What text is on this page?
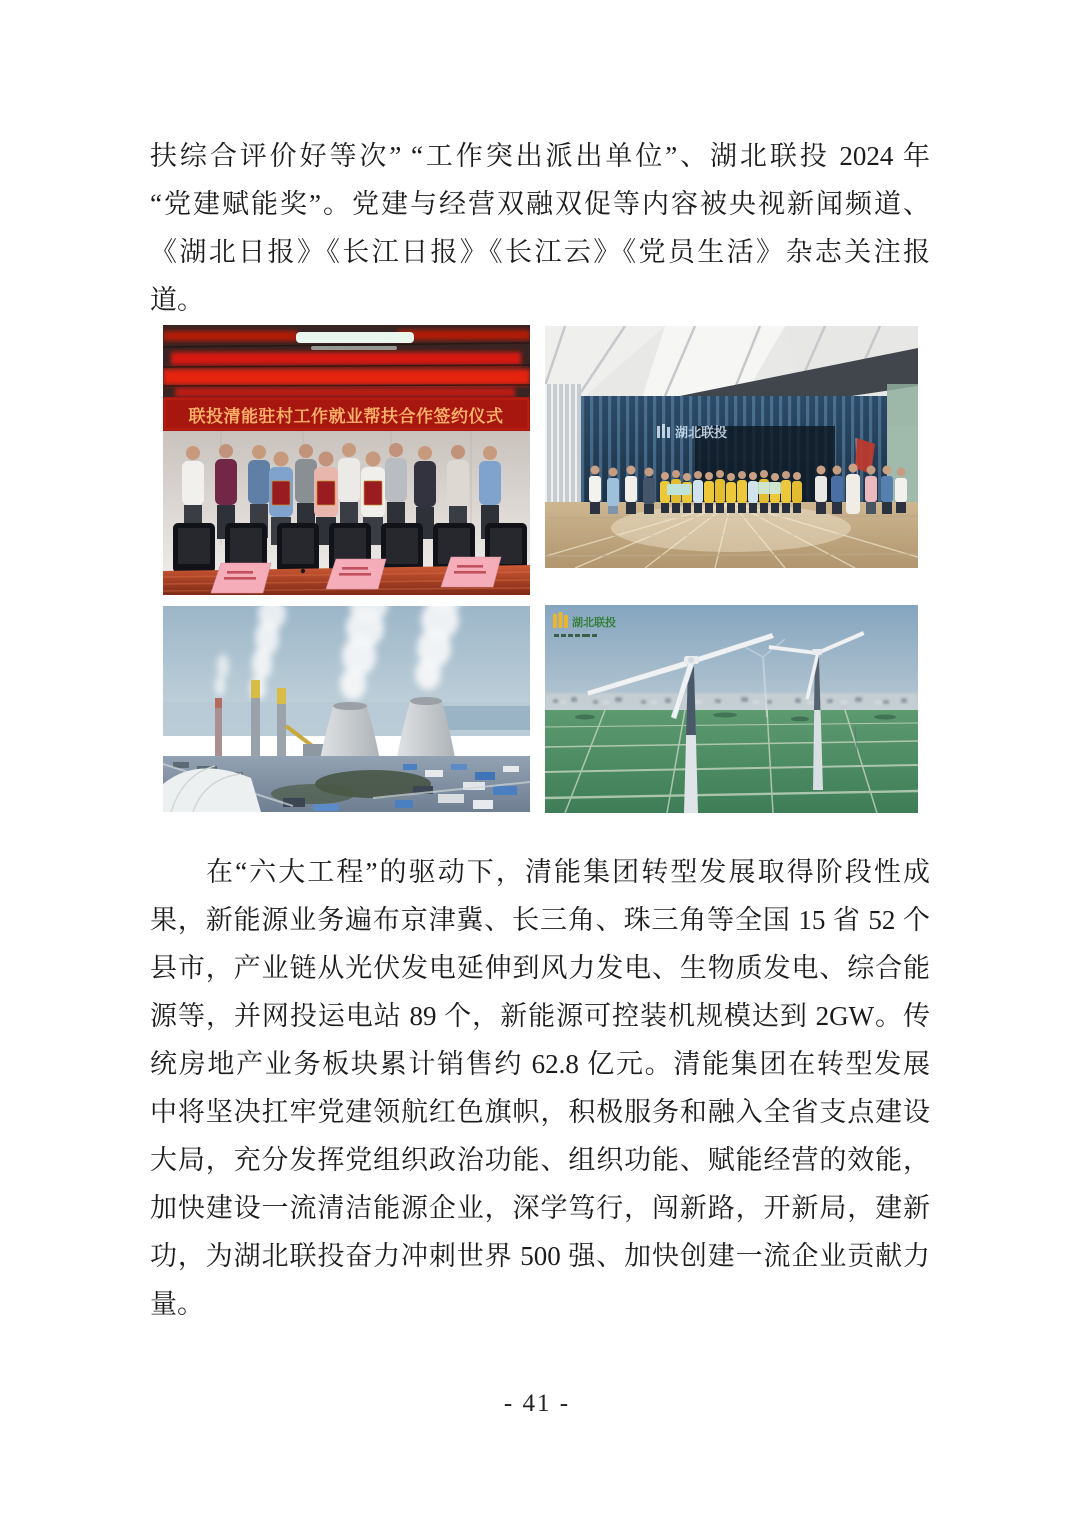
扶综合评价好等次” “工作突出派出单位”、湖北联投 2024 年
“党建赋能奖”。党建与经营双融双促等内容被央视新闻频道、
《湖北日报》《长江日报》《长江云》《党员生活》杂志关注报
道。
联投清能驻村工作就业帮扶合作签约仪式
湖北联投
湖北联投
在“六大工程”的驱动下，清能集团转型发展取得阶段性成
果，新能源业务遍布京津冀、长三角、珠三角等全国 15 省 52 个
县市，产业链从光伏发电延伸到风力发电、生物质发电、综合能
源等，并网投运电站 89 个，新能源可控装机规模达到 2GW。传
统房地产业务板块累计销售约 62.8 亿元。清能集团在转型发展
中将坚决扛牢党建领航红色旗帜，积极服务和融入全省支点建设
大局，充分发挥党组织政治功能、组织功能、赋能经营的效能，
加快建设一流清洁能源企业，深学笃行，闯新路，开新局，建新
功，为湖北联投奋力冲刺世界 500 强、加快创建一流企业贡献力
量。
- 41 -
